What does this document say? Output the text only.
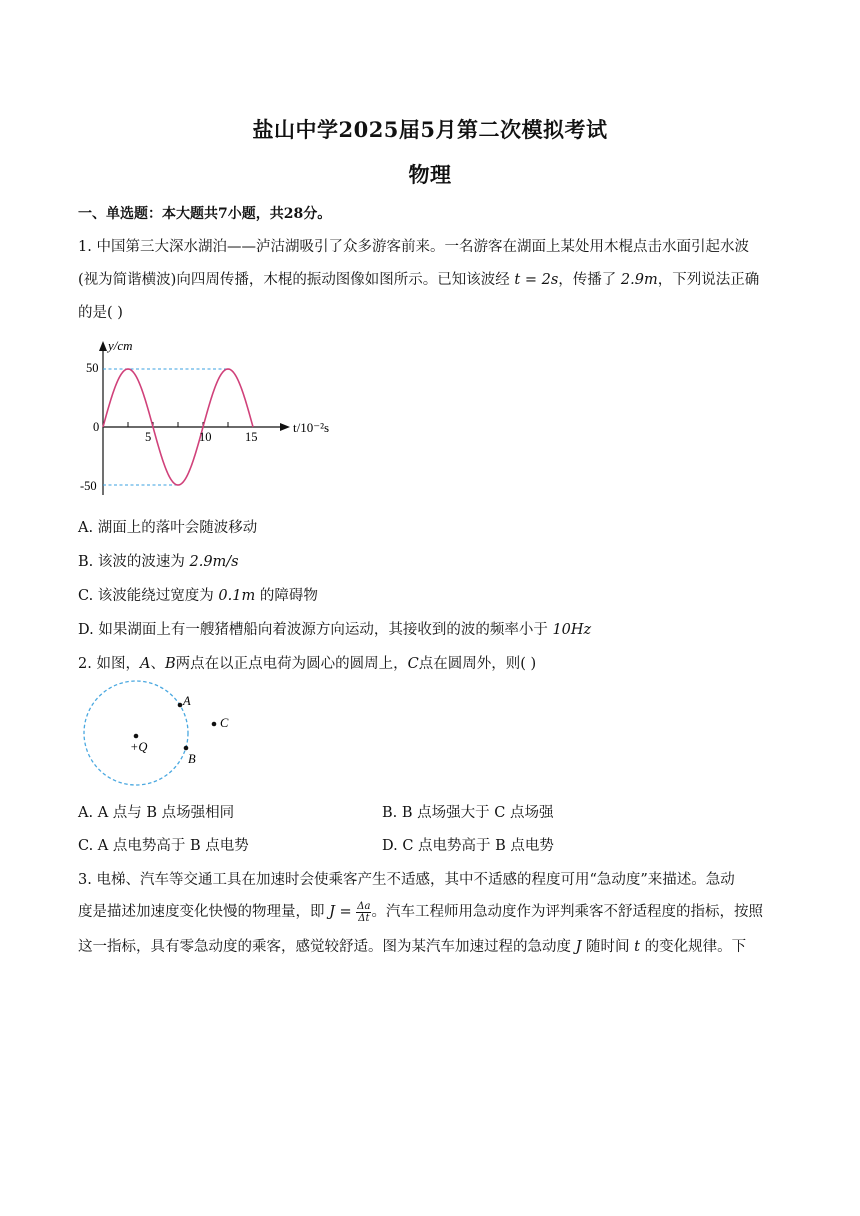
盐山中学2025届5月第二次模拟考试
物理
一、单选题：本大题共7小题，共28分。
1. 中国第三大深水湖泊——泸沽湖吸引了众多游客前来。一名游客在湖面上某处用木棍点击水面引起水波
(视为简谐横波)向四周传播，木棍的振动图像如图所示。已知该波经 t = 2s，传播了 2.9m，下列说法正确
的是( )
y/cm
t/10⁻²s
50
0
-50
5	10	15
A. 湖面上的落叶会随波移动
B. 该波的波速为 2.9m/s
C. 该波能绕过宽度为 0.1m 的障碍物
D. 如果湖面上有一艘猪槽船向着波源方向运动，其接收到的波的频率小于 10Hz
2. 如图，A、B两点在以正点电荷为圆心的圆周上，C点在圆周外，则( )
+Q
A
B
C
A. A 点与 B 点场强相同	B. B 点场强大于 C 点场强
C. A 点电势高于 B 点电势	D. C 点电势高于 B 点电势
3. 电梯、汽车等交通工具在加速时会使乘客产生不适感，其中不适感的程度可用“急动度”来描述。急动
度是描述加速度变化快慢的物理量，即 $J = \frac{\Delta a}{\Delta t}$ 。汽车工程师用急动度作为评判乘客不舒适程度的指标，按照
这一指标，具有零急动度的乘客，感觉较舒适。图为某汽车加速过程的急动度 J 随时间 t 的变化规律。下
